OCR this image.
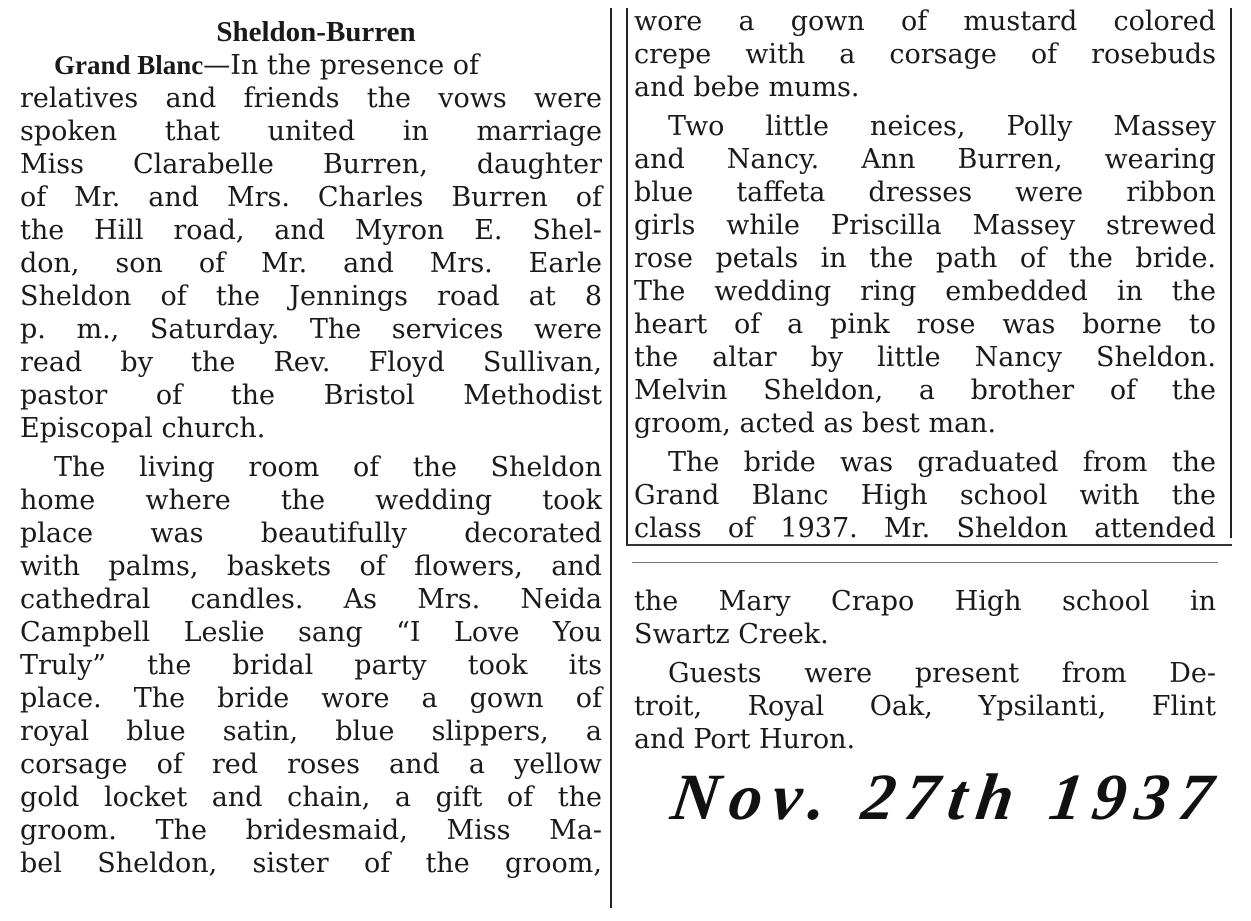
Sheldon-Burren
Grand Blanc —In the presence of
relatives and friends the vows were
spoken that united in marriage
Miss Clarabelle Burren, daughter
of Mr. and Mrs. Charles Burren of
the Hill road, and Myron E. Shel-
don, son of Mr. and Mrs. Earle
Sheldon of the Jennings road at 8
p. m., Saturday. The services were
read by the Rev. Floyd Sullivan,
pastor of the Bristol Methodist
Episcopal church.
The living room of the Sheldon
home where the wedding took
place was beautifully decorated
with palms, baskets of flowers, and
cathedral candles. As Mrs. Neida
Campbell Leslie sang “I Love You
Truly” the bridal party took its
place. The bride wore a gown of
royal blue satin, blue slippers, a
corsage of red roses and a yellow
gold locket and chain, a gift of the
groom. The bridesmaid, Miss Ma-
bel Sheldon, sister of the groom,
wore a gown of mustard colored
crepe with a corsage of rosebuds
and bebe mums.
Two little neices, Polly Massey
and Nancy. Ann Burren, wearing
blue taffeta dresses were ribbon
girls while Priscilla Massey strewed
rose petals in the path of the bride.
The wedding ring embedded in the
heart of a pink rose was borne to
the altar by little Nancy Sheldon.
Melvin Sheldon, a brother of the
groom, acted as best man.
The bride was graduated from the
Grand Blanc High school with the
class of 1937. Mr. Sheldon attended
the Mary Crapo High school in
Swartz Creek.
Guests were present from De-
troit, Royal Oak, Ypsilanti, Flint
and Port Huron.
Nov. 27th 1937
